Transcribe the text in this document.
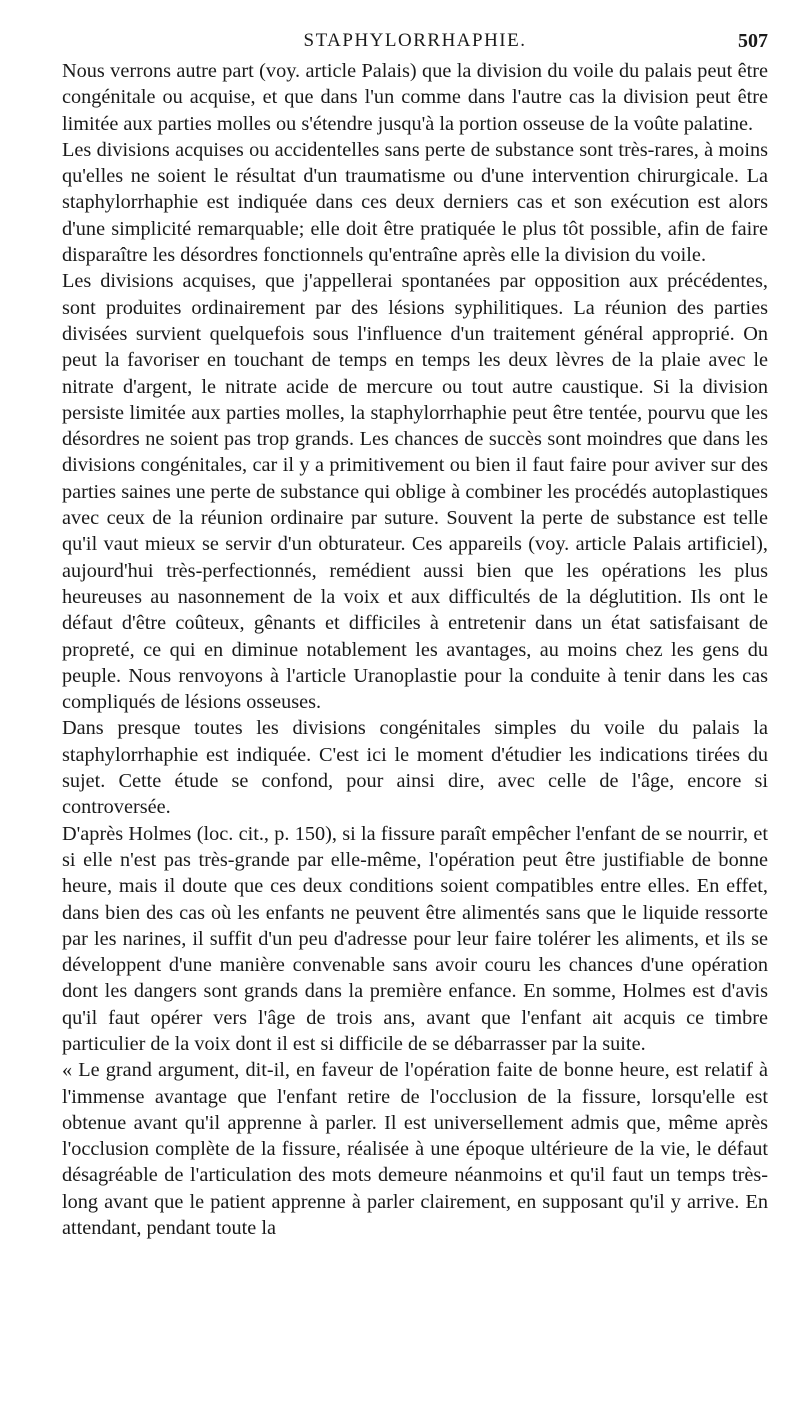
STAPHYLORRHAPHIE.	507

Nous verrons autre part (voy. article Palais) que la division du voile du palais peut être congénitale ou acquise, et que dans l'un comme dans l'autre cas la division peut être limitée aux parties molles ou s'étendre jusqu'à la portion osseuse de la voûte palatine.

Les divisions acquises ou accidentelles sans perte de substance sont très-rares, à moins qu'elles ne soient le résultat d'un traumatisme ou d'une intervention chirurgicale. La staphylorrhaphie est indiquée dans ces deux derniers cas et son exécution est alors d'une simplicité remarquable; elle doit être pratiquée le plus tôt possible, afin de faire disparaître les désordres fonctionnels qu'entraîne après elle la division du voile.

Les divisions acquises, que j'appellerai spontanées par opposition aux précédentes, sont produites ordinairement par des lésions syphilitiques. La réunion des parties divisées survient quelquefois sous l'influence d'un traitement général approprié. On peut la favoriser en touchant de temps en temps les deux lèvres de la plaie avec le nitrate d'argent, le nitrate acide de mercure ou tout autre caustique. Si la division persiste limitée aux parties molles, la staphylorrhaphie peut être tentée, pourvu que les désordres ne soient pas trop grands. Les chances de succès sont moindres que dans les divisions congénitales, car il y a primitivement ou bien il faut faire pour aviver sur des parties saines une perte de substance qui oblige à combiner les procédés autoplastiques avec ceux de la réunion ordinaire par suture. Souvent la perte de substance est telle qu'il vaut mieux se servir d'un obturateur. Ces appareils (voy. article Palais artificiel), aujourd'hui très-perfectionnés, remédient aussi bien que les opérations les plus heureuses au nasonnement de la voix et aux difficultés de la déglutition. Ils ont le défaut d'être coûteux, gênants et difficiles à entretenir dans un état satisfaisant de propreté, ce qui en diminue notablement les avantages, au moins chez les gens du peuple. Nous renvoyons à l'article Uranoplastie pour la conduite à tenir dans les cas compliqués de lésions osseuses.

Dans presque toutes les divisions congénitales simples du voile du palais la staphylorrhaphie est indiquée. C'est ici le moment d'étudier les indications tirées du sujet. Cette étude se confond, pour ainsi dire, avec celle de l'âge, encore si controversée.

D'après Holmes (loc. cit., p. 150), si la fissure paraît empêcher l'enfant de se nourrir, et si elle n'est pas très-grande par elle-même, l'opération peut être justifiable de bonne heure, mais il doute que ces deux conditions soient compatibles entre elles. En effet, dans bien des cas où les enfants ne peuvent être alimentés sans que le liquide ressorte par les narines, il suffit d'un peu d'adresse pour leur faire tolérer les aliments, et ils se développent d'une manière convenable sans avoir couru les chances d'une opération dont les dangers sont grands dans la première enfance. En somme, Holmes est d'avis qu'il faut opérer vers l'âge de trois ans, avant que l'enfant ait acquis ce timbre particulier de la voix dont il est si difficile de se débarrasser par la suite.

« Le grand argument, dit-il, en faveur de l'opération faite de bonne heure, est relatif à l'immense avantage que l'enfant retire de l'occlusion de la fissure, lorsqu'elle est obtenue avant qu'il apprenne à parler. Il est universellement admis que, même après l'occlusion complète de la fissure, réalisée à une époque ultérieure de la vie, le défaut désagréable de l'articulation des mots demeure néanmoins et qu'il faut un temps très-long avant que le patient apprenne à parler clairement, en supposant qu'il y arrive. En attendant, pendant toute la
